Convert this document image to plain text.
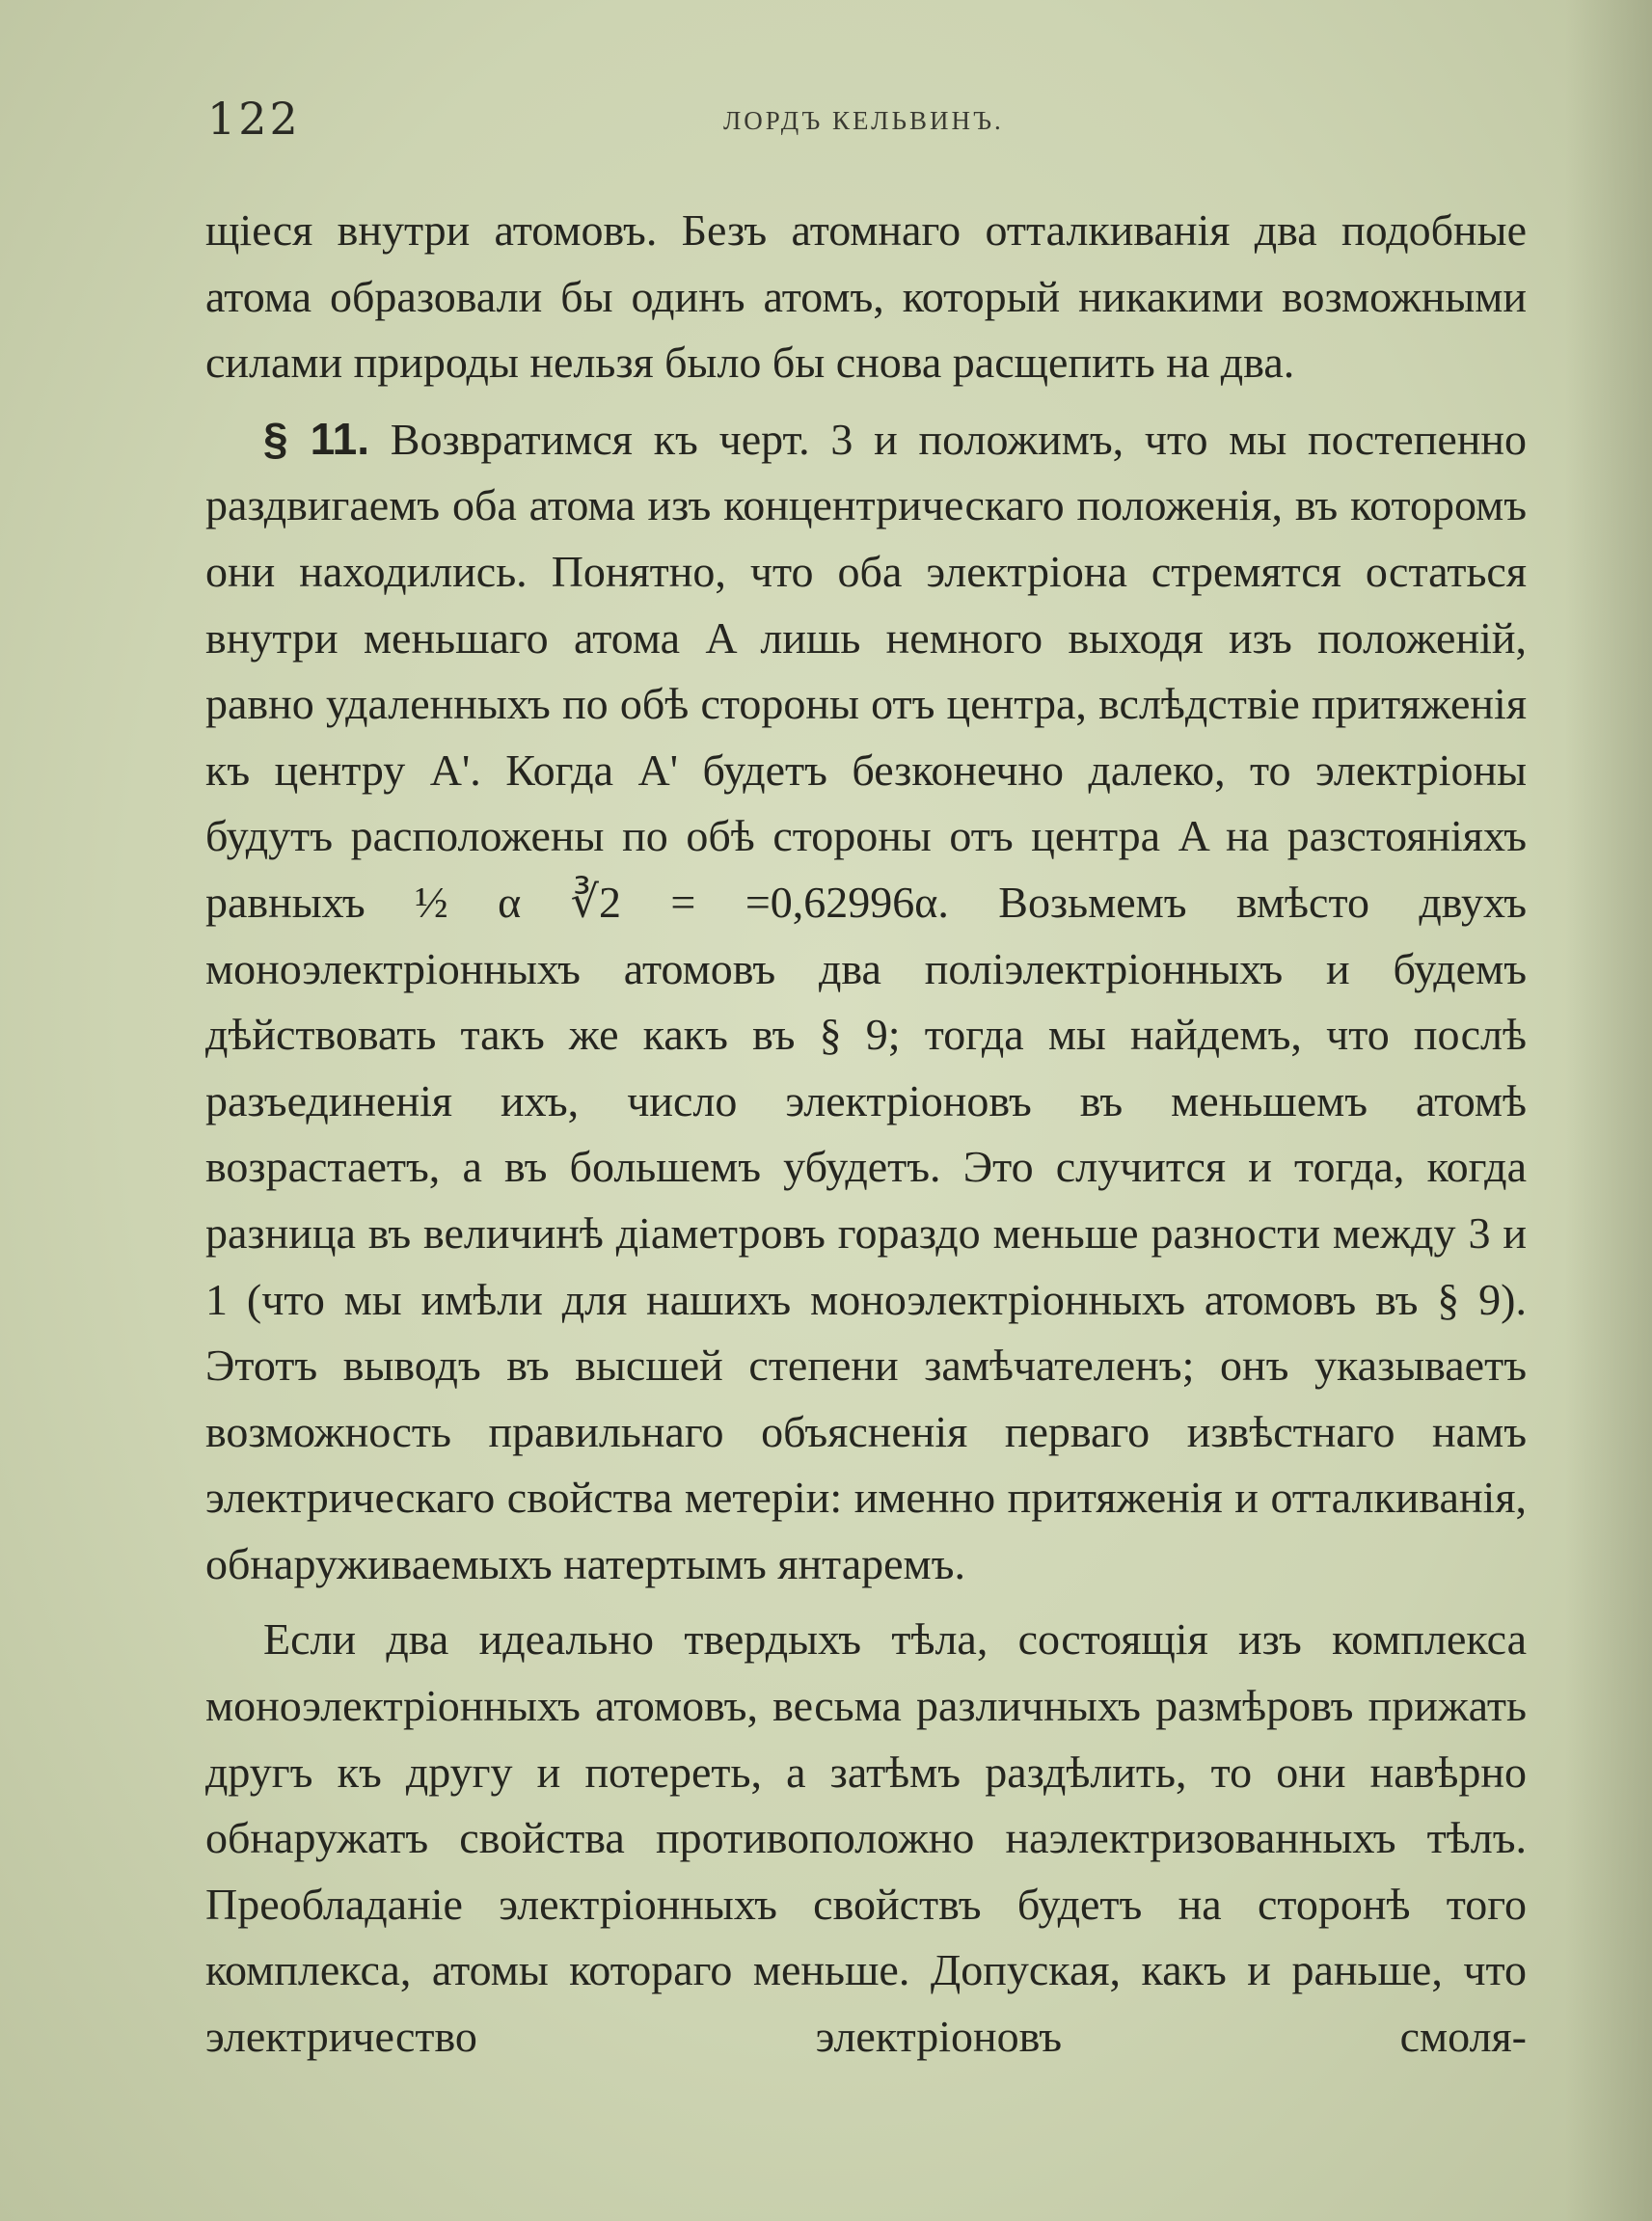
122	ЛОРДЪ КЕЛЬВИНЪ.

щіеся внутри атомовъ. Безъ атомнаго отталкиванія два подобные атома образовали бы одинъ атомъ, который никакими возможными силами природы нельзя было бы снова расщепить на два.

§ 11. Возвратимся къ черт. 3 и положимъ, что мы постепенно раздвигаемъ оба атома изъ концентрическаго положенія, въ которомъ они находились. Понятно, что оба электріона стремятся остаться внутри меньшаго атома A лишь немного выходя изъ положеній, равно удаленныхъ по обѣ стороны отъ центра, вслѣдствіе притяженія къ центру A'. Когда A' будетъ безконечно далеко, то электріоны будутъ расположены по обѣ стороны отъ центра A на разстояніяхъ равныхъ ½ α ∛2 = =0,62996α. Возьмемъ вмѣсто двухъ моноэлектріонныхъ атомовъ два поліэлектріонныхъ и будемъ дѣйствовать такъ же какъ въ § 9; тогда мы найдемъ, что послѣ разъединенія ихъ, число электріоновъ въ меньшемъ атомѣ возрастаетъ, а въ большемъ убудетъ. Это случится и тогда, когда разница въ величинѣ діаметровъ гораздо меньше разности между 3 и 1 (что мы имѣли для нашихъ моноэлектріонныхъ атомовъ въ § 9). Этотъ выводъ въ высшей степени замѣчателенъ; онъ указываетъ возможность правильнаго объясненія перваго извѣстнаго намъ электрическаго свойства метеріи: именно притяженія и отталкиванія, обнаруживаемыхъ натертымъ янтаремъ.

Если два идеально твердыхъ тѣла, состоящія изъ комплекса моноэлектріонныхъ атомовъ, весьма различныхъ размѣровъ прижать другъ къ другу и потереть, а затѣмъ раздѣлить, то они навѣрно обнаружатъ свойства противоположно наэлектризованныхъ тѣлъ. Преобладаніе электріонныхъ свойствъ будетъ на сторонѣ того комплекса, атомы котораго меньше. Допуская, какъ и раньше, что электричество электріоновъ смоля-
